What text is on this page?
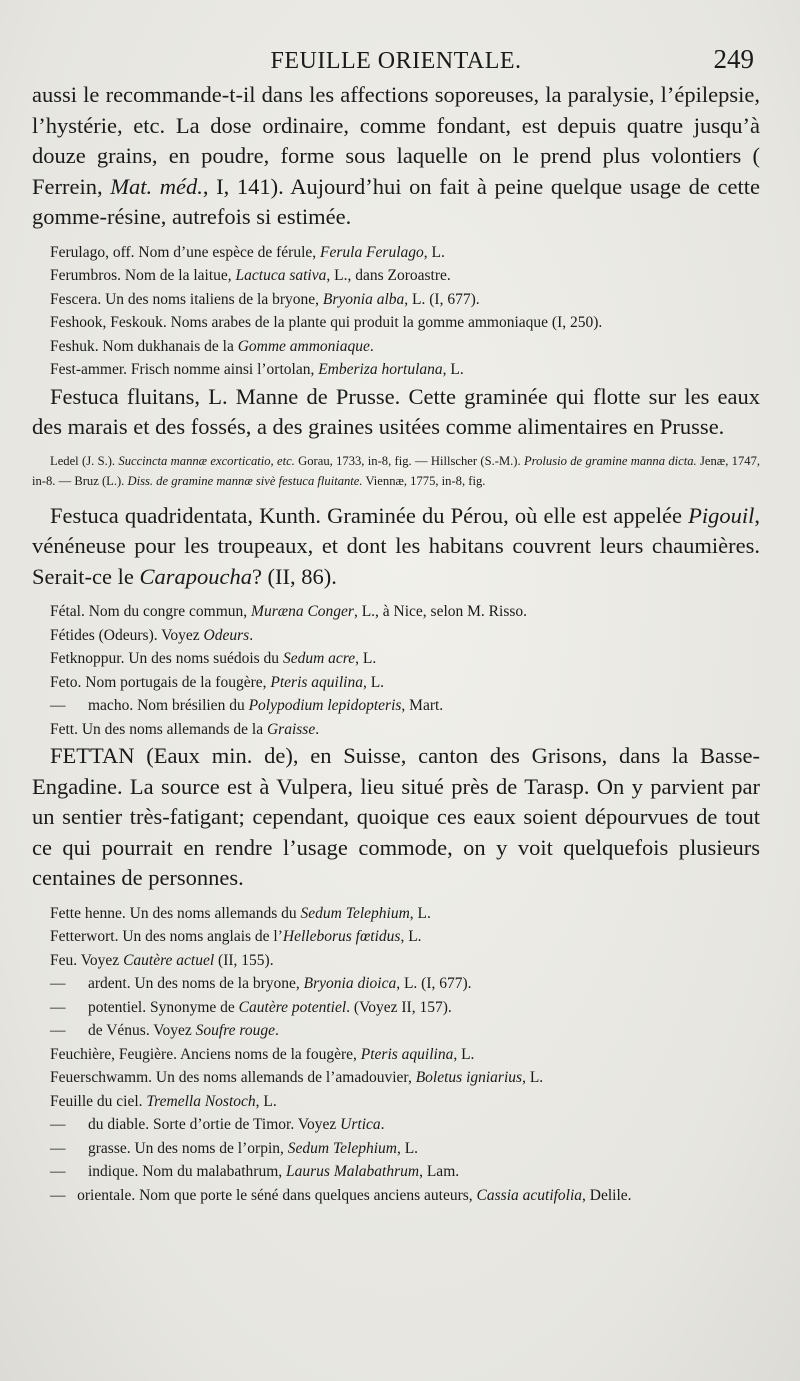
FEUILLE ORIENTALE.	249

aussi le recommande-t-il dans les affections soporeuses, la paralysie, l’épilepsie, l’hystérie, etc. La dose ordinaire, comme fondant, est depuis quatre jusqu’à douze grains, en poudre, forme sous laquelle on le prend plus volontiers ( Ferrein, Mat. méd., I, 141). Aujourd’hui on fait à peine quelque usage de cette gomme-résine, autrefois si estimée.

Ferulago, off. Nom d’une espèce de férule, Ferula Ferulago, L.

Ferumbros. Nom de la laitue, Lactuca sativa, L., dans Zoroastre.

Fescera. Un des noms italiens de la bryone, Bryonia alba, L. (I, 677).

Feshook, Feskouk. Noms arabes de la plante qui produit la gomme ammoniaque (I, 250).

Feshuk. Nom dukhanais de la Gomme ammoniaque.

Fest-ammer. Frisch nomme ainsi l’ortolan, Emberiza hortulana, L.

Festuca fluitans, L. Manne de Prusse. Cette graminée qui flotte sur les eaux des marais et des fossés, a des graines usitées comme alimentaires en Prusse.

Ledel (J. S.). Succincta mannæ excorticatio, etc. Gorau, 1733, in-8, fig. — Hillscher (S.-M.). Prolusio de gramine manna dicta. Jenæ, 1747, in-8. — Bruz (L.). Diss. de gramine mannæ sivè festuca fluitante. Viennæ, 1775, in-8, fig.

Festuca quadridentata, Kunth. Graminée du Pérou, où elle est appelée Pigouil, vénéneuse pour les troupeaux, et dont les habitans couvrent leurs chaumières. Serait-ce le Carapoucha? (II, 86).

Fétal. Nom du congre commun, Muræna Conger, L., à Nice, selon M. Risso.

Fétides (Odeurs). Voyez Odeurs.

Fetknoppur. Un des noms suédois du Sedum acre, L.

Feto. Nom portugais de la fougère, Pteris aquilina, L.

— macho. Nom brésilien du Polypodium lepidopteris, Mart.

Fett. Un des noms allemands de la Graisse.

FETTAN (Eaux min. de), en Suisse, canton des Grisons, dans la Basse-Engadine. La source est à Vulpera, lieu situé près de Tarasp. On y parvient par un sentier très-fatigant; cependant, quoique ces eaux soient dépourvues de tout ce qui pourrait en rendre l’usage commode, on y voit quelquefois plusieurs centaines de personnes.

Fette henne. Un des noms allemands du Sedum Telephium, L.

Fetterwort. Un des noms anglais de l’Helleborus fœtidus, L.

Feu. Voyez Cautère actuel (II, 155).

— ardent. Un des noms de la bryone, Bryonia dioica, L. (I, 677).

— potentiel. Synonyme de Cautère potentiel. (Voyez II, 157).

— de Vénus. Voyez Soufre rouge.

Feuchière, Feugière. Anciens noms de la fougère, Pteris aquilina, L.

Feuerschwamm. Un des noms allemands de l’amadouvier, Boletus igniarius, L.

Feuille du ciel. Tremella Nostoch, L.

— du diable. Sorte d’ortie de Timor. Voyez Urtica.

— grasse. Un des noms de l’orpin, Sedum Telephium, L.

— indique. Nom du malabathrum, Laurus Malabathrum, Lam.

— orientale. Nom que porte le séné dans quelques anciens auteurs, Cassia acutifolia, Delile.
